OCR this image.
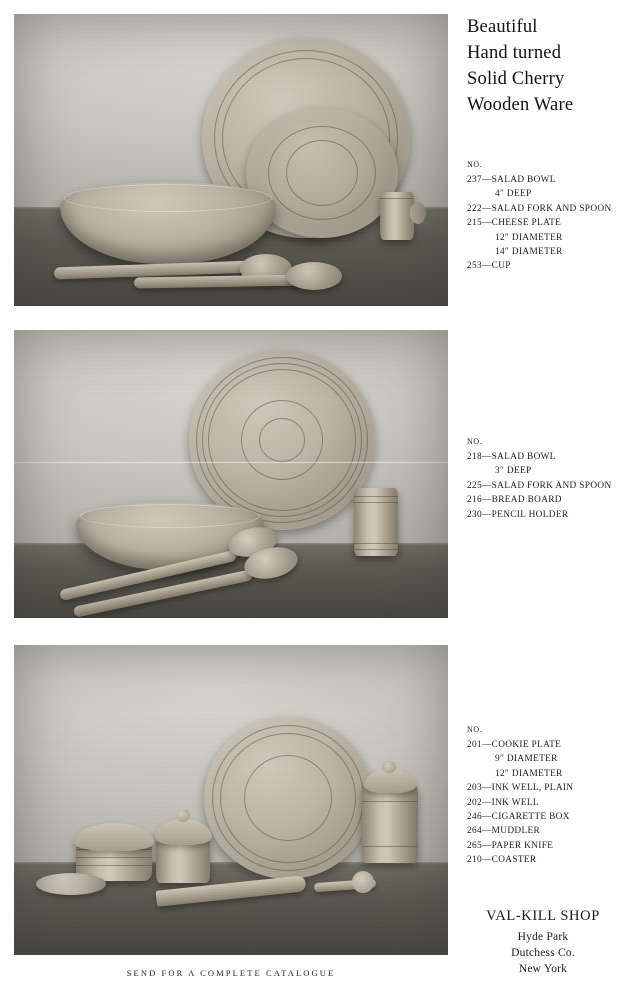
Beautiful
Hand turned
Solid Cherry
Wooden Ware
NO.
237—SALAD BOWL
4″ DEEP
222—SALAD FORK AND SPOON
215—CHEESE PLATE
12″ DIAMETER
14″ DIAMETER
253—CUP
NO.
218—SALAD BOWL
3″ DEEP
225—SALAD FORK AND SPOON
216—BREAD BOARD
230—PENCIL HOLDER
NO.
201—COOKIE PLATE
9″ DIAMETER
12″ DIAMETER
203—INK WELL, PLAIN
202—INK WELL
246—CIGARETTE BOX
264—MUDDLER
265—PAPER KNIFE
210—COASTER
VAL-KILL SHOP
Hyde Park
Dutchess Co.
New York
SEND FOR A COMPLETE CATALOGUE
